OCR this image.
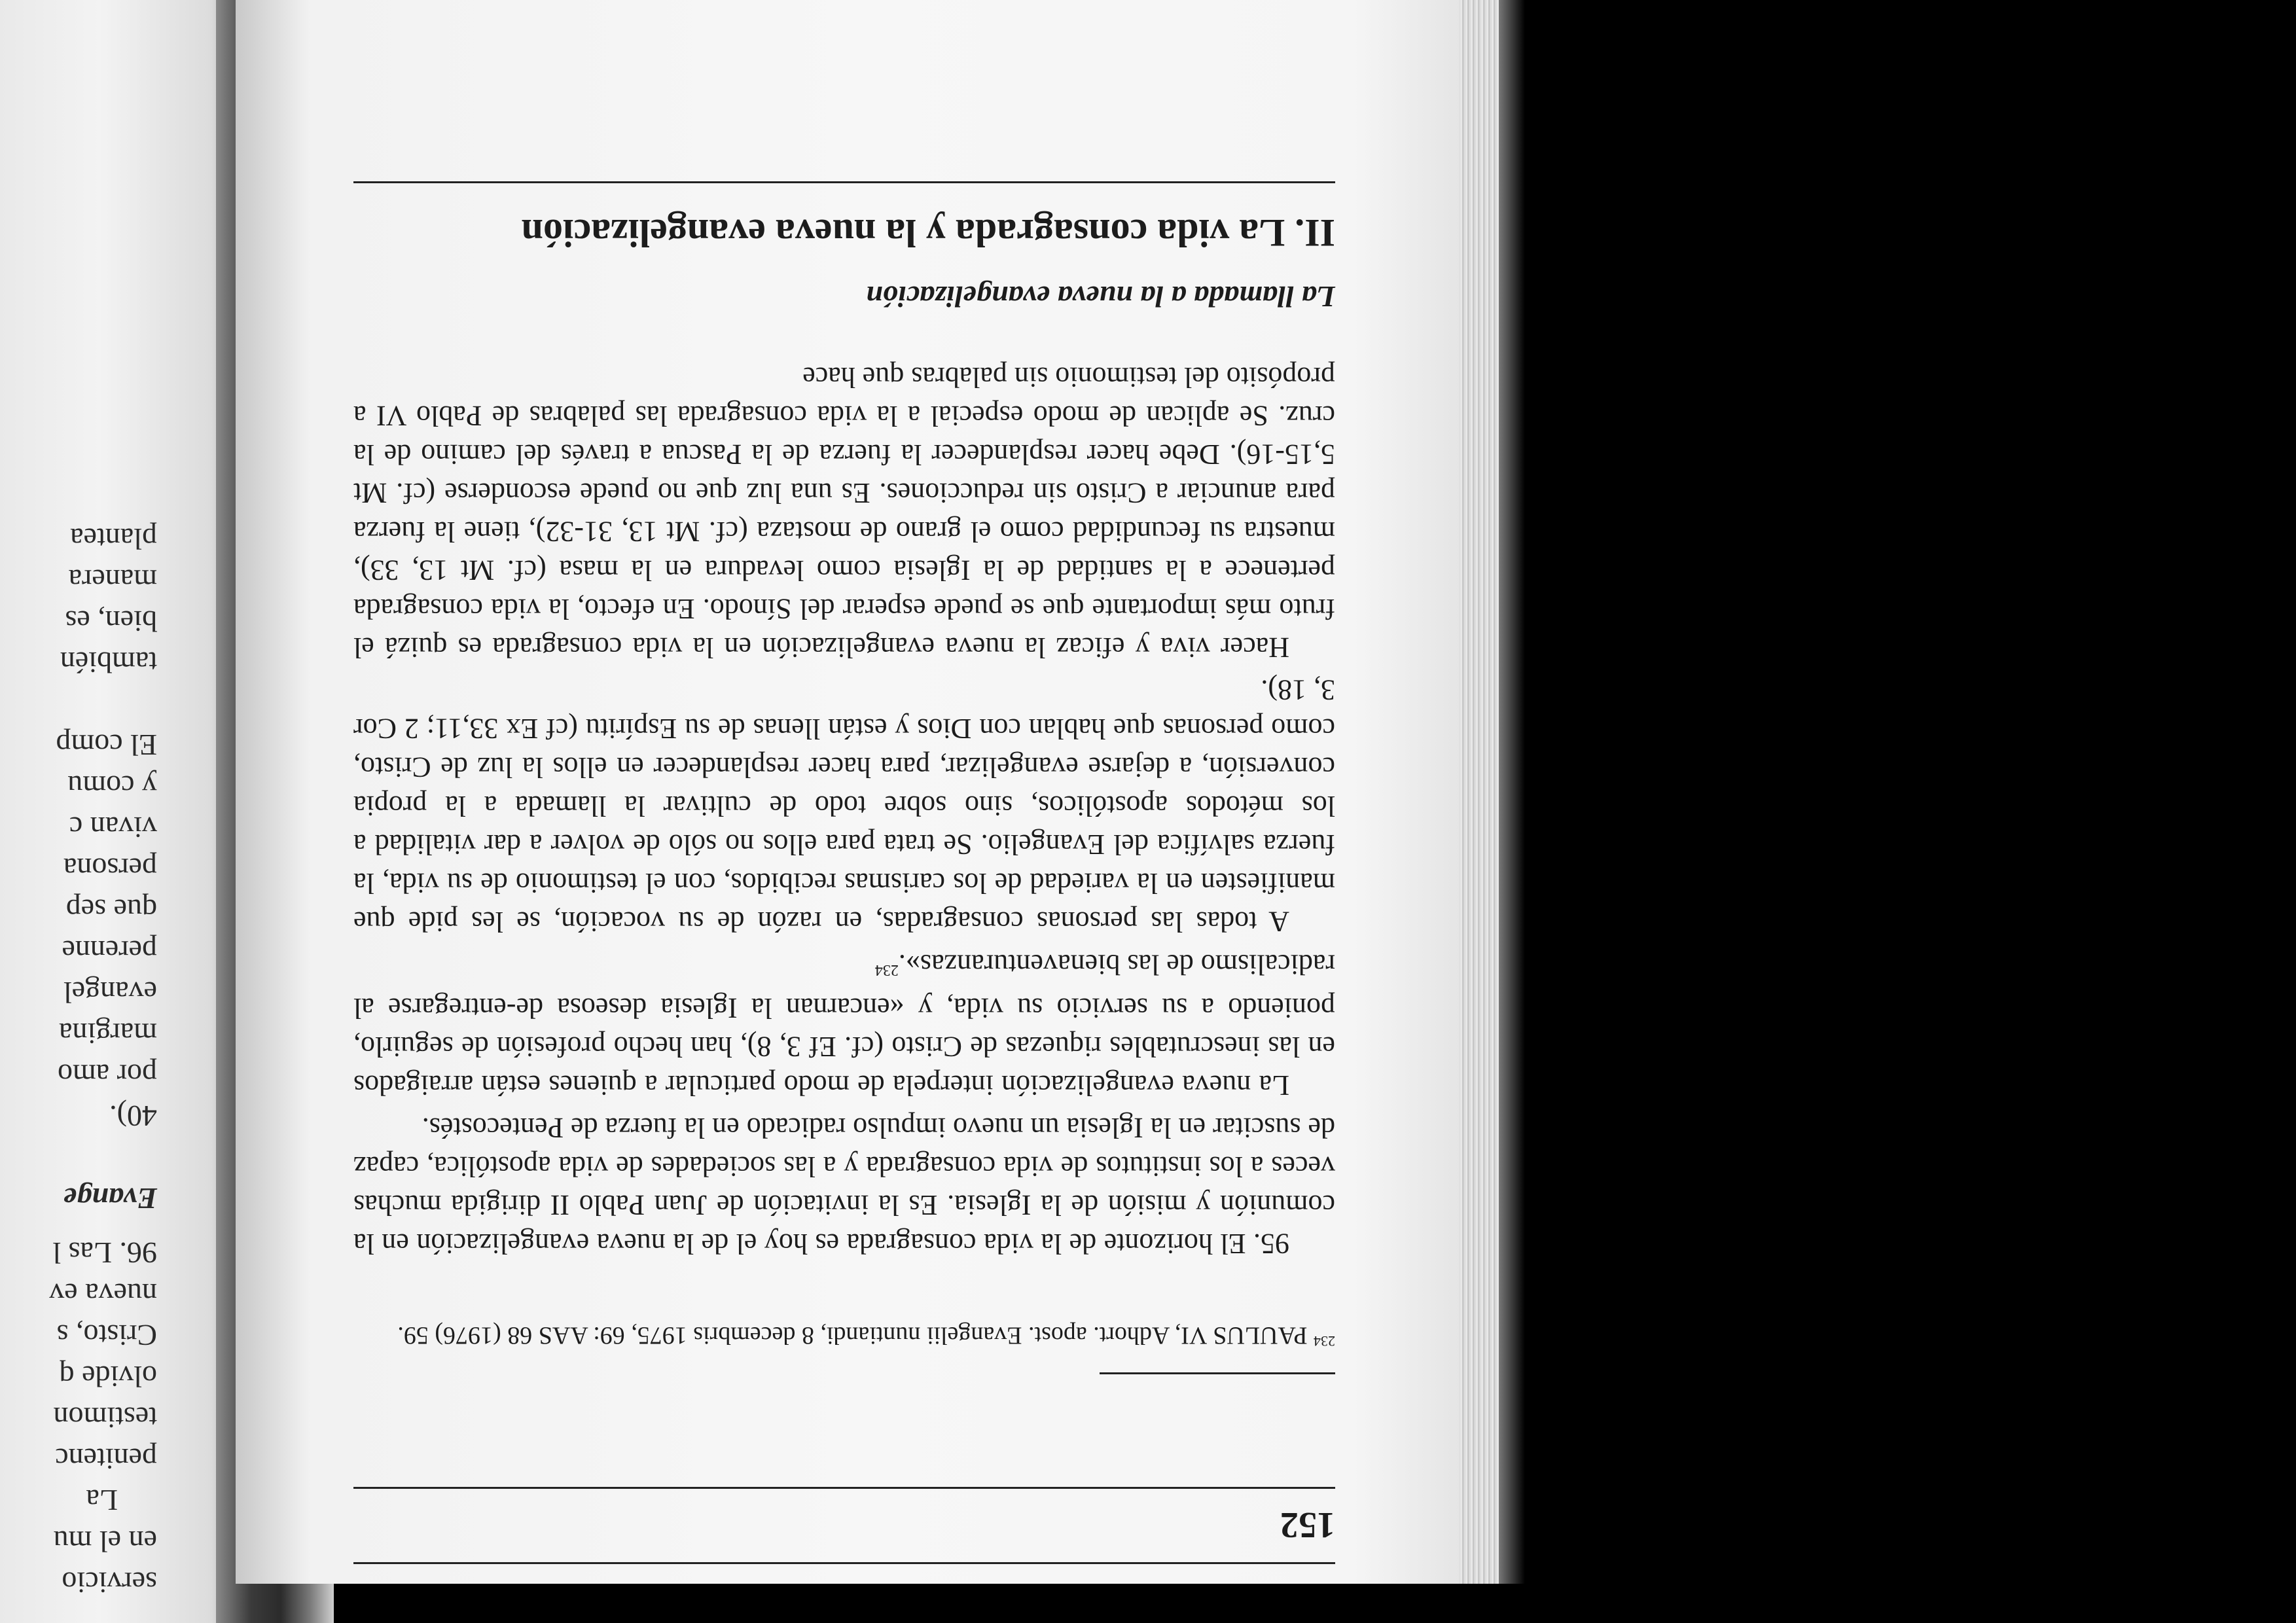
servicio

en el mu

La

penitenc

testimon

olvide q

Cristo, s

nueva ev

96. Las l

Evange

40).

por amo

margina

evangel

perenne

que sep

persona

vivan c

y comu

El comp

también

bien, es

manera

plantea

152

$^{234}$ PAULUS VI, Adhort. apost. Evangelii nuntiandi, 8 decembris 1975, 69: AAS 68 (1976) 59.

95. El horizonte de la vida consagrada es hoy el de la nueva evangelización en la comunión y misión de la Iglesia. Es la invitación de Juan Pablo II dirigida muchas veces a los institutos de vida consagrada y a las sociedades de vida apostólica, capaz de suscitar en la Iglesia un nuevo impulso radicado en la fuerza de Pentecostés.

La nueva evangelización interpela de modo particular a quienes están arraigados en las inescrutables riquezas de Cristo (cf. Ef 3, 8), han hecho profesión de seguirlo, poniendo a su servicio su vida, y «encarnan la Iglesia deseosa de-entregarse al radicalismo de las bienaventuranzas».$^{234}$

A todas las personas consagradas, en razón de su vocación, se les pide que manifiesten en la variedad de los carismas recibidos, con el testimonio de su vida, la fuerza salvífica del Evangelio. Se trata para ellos no sólo de volver a dar vitalidad a los métodos apostólicos, sino sobre todo de cultivar la llamada a la propia conversión, a dejarse evangelizar, para hacer resplandecer en ellos la luz de Cristo, como personas que hablan con Dios y están llenas de su Espíritu (cf Ex 33,11; 2 Cor 3, 18).

Hacer viva y eficaz la nueva evangelización en la vida consagrada es quizá el fruto más importante que se puede esperar del Sínodo. En efecto, la vida consagrada pertenece a la santidad de la Iglesia como levadura en la masa (cf. Mt 13, 33), muestra su fecundidad como el grano de mostaza (cf. Mt 13, 31-32), tiene la fuerza para anunciar a Cristo sin reducciones. Es una luz que no puede esconderse (cf. Mt 5,15-16). Debe hacer resplandecer la fuerza de la Pascua a través del camino de la cruz. Se aplican de modo especial a la vida consagrada las palabras de Pablo VI a propósito del testimonio sin palabras que hace

La llamada a la nueva evangelización

II. La vida consagrada y la nueva evangelización
